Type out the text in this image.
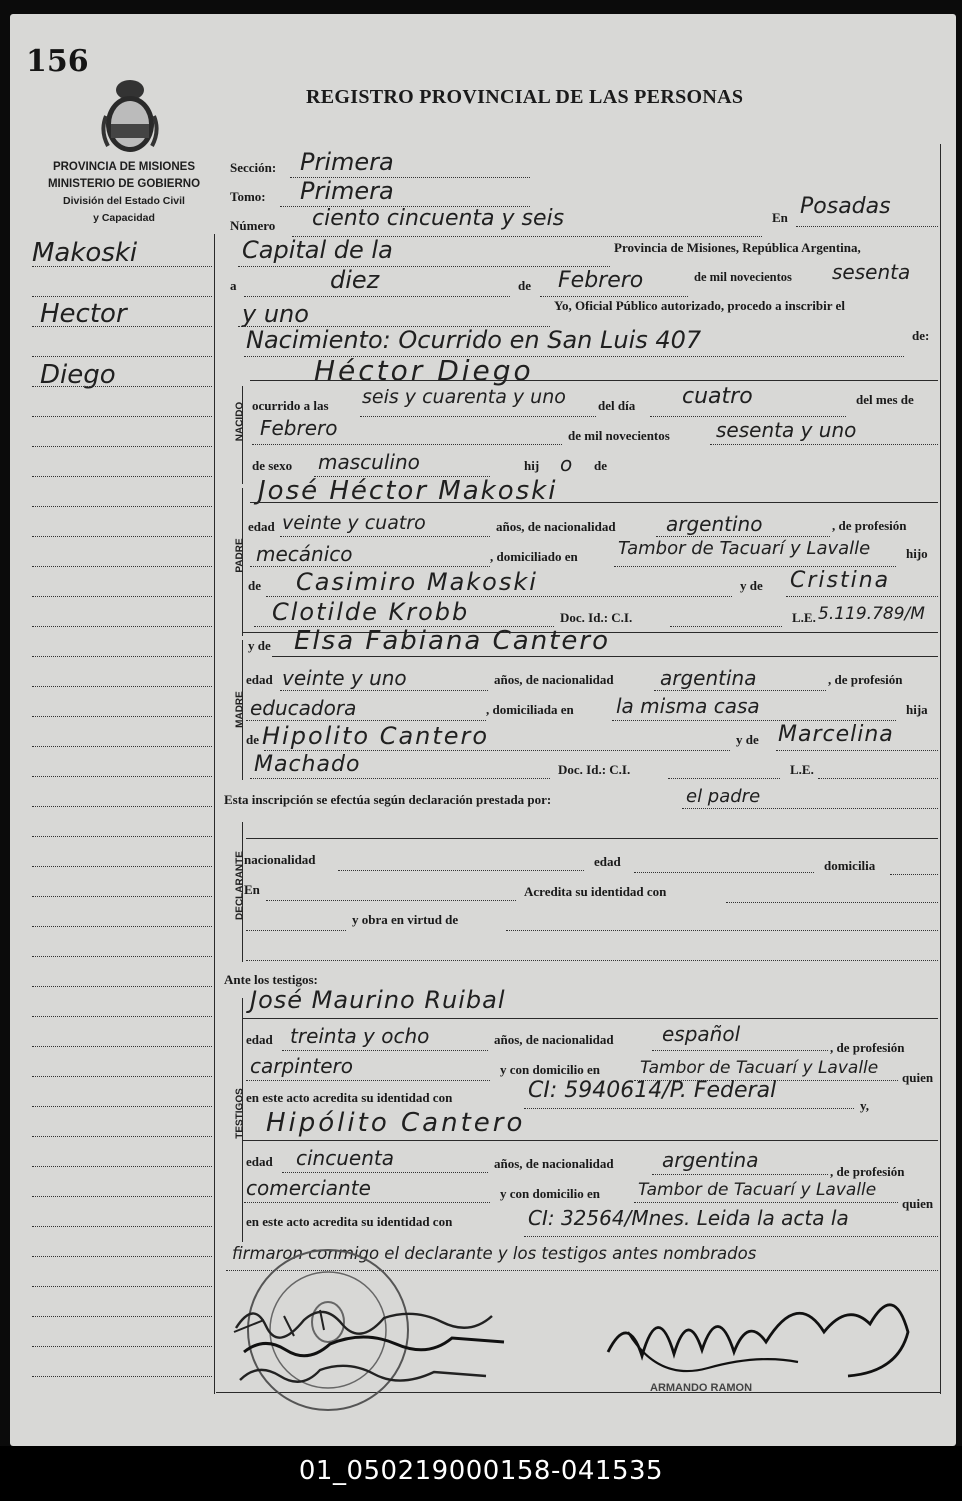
156
REGISTRO PROVINCIAL DE LAS PERSONAS
PROVINCIA DE MISIONES
MINISTERIO DE GOBIERNO
División del Estado Civil
y Capacidad
Makoski
Hector
Diego
Sección: Primera
Tomo: Primera
Número ciento cincuenta y seis	En Posadas
Capital de la	Provincia de Misiones, República Argentina,
a	diez	de Febrero	de mil novecientos sesenta
y uno	Yo, Oficial Público autorizado, procedo a inscribir el
Nacimiento: Ocurrido en San Luis 407	de:
NACIDO
Héctor Diego
ocurrido a las seis y cuarenta y uno del día cuatro	del mes de
Febrero	de mil novecientos sesenta y uno
de sexo masculino	hij o de
PADRE
José Héctor Makoski
edad veinte y cuatro	años, de nacionalidad	argentino	, de profesión
mecánico	, domiciliado en Tambor de Tacuarí y Lavalle	hijo
de Casimiro Makoski	y de Cristina
Clotilde Krobb	Doc. Id.: C.I.	L.E. 5.119.789/M
MADRE
y de Elsa Fabiana Cantero
edad veinte y uno	años, de nacionalidad argentina	, de profesión
educadora	, domiciliada en la misma casa	hija
de Hipolito Cantero	y de Marcelina
Machado	Doc. Id.: C.I.	L.E.
Esta inscripción se efectúa según declaración prestada por:	el padre
DECLARANTE
nacionalidad	edad	domicilia
En	Acredita su identidad con
y obra en virtud de
Ante los testigos:
TESTIGOS
José Maurino Ruibal
edad treinta y ocho	años, de nacionalidad español
, de profesión
carpintero	y con domicilio en Tambor de Tacuarí y Lavalle quien
en este acto acredita su identidad con	CI: 5940614/P. Federal
y,
Hipólito Cantero
edad cincuenta	años, de nacionalidad argentina	, de profesión
comerciante	y con domicilio en Tambor de Tacuarí y Lavalle
quien
en este acto acredita su identidad con	CI: 32564/Mnes. Leida la acta la
firmaron conmigo el declarante y los testigos antes nombrados
ARMANDO RAMON
01_050219000158-041535
